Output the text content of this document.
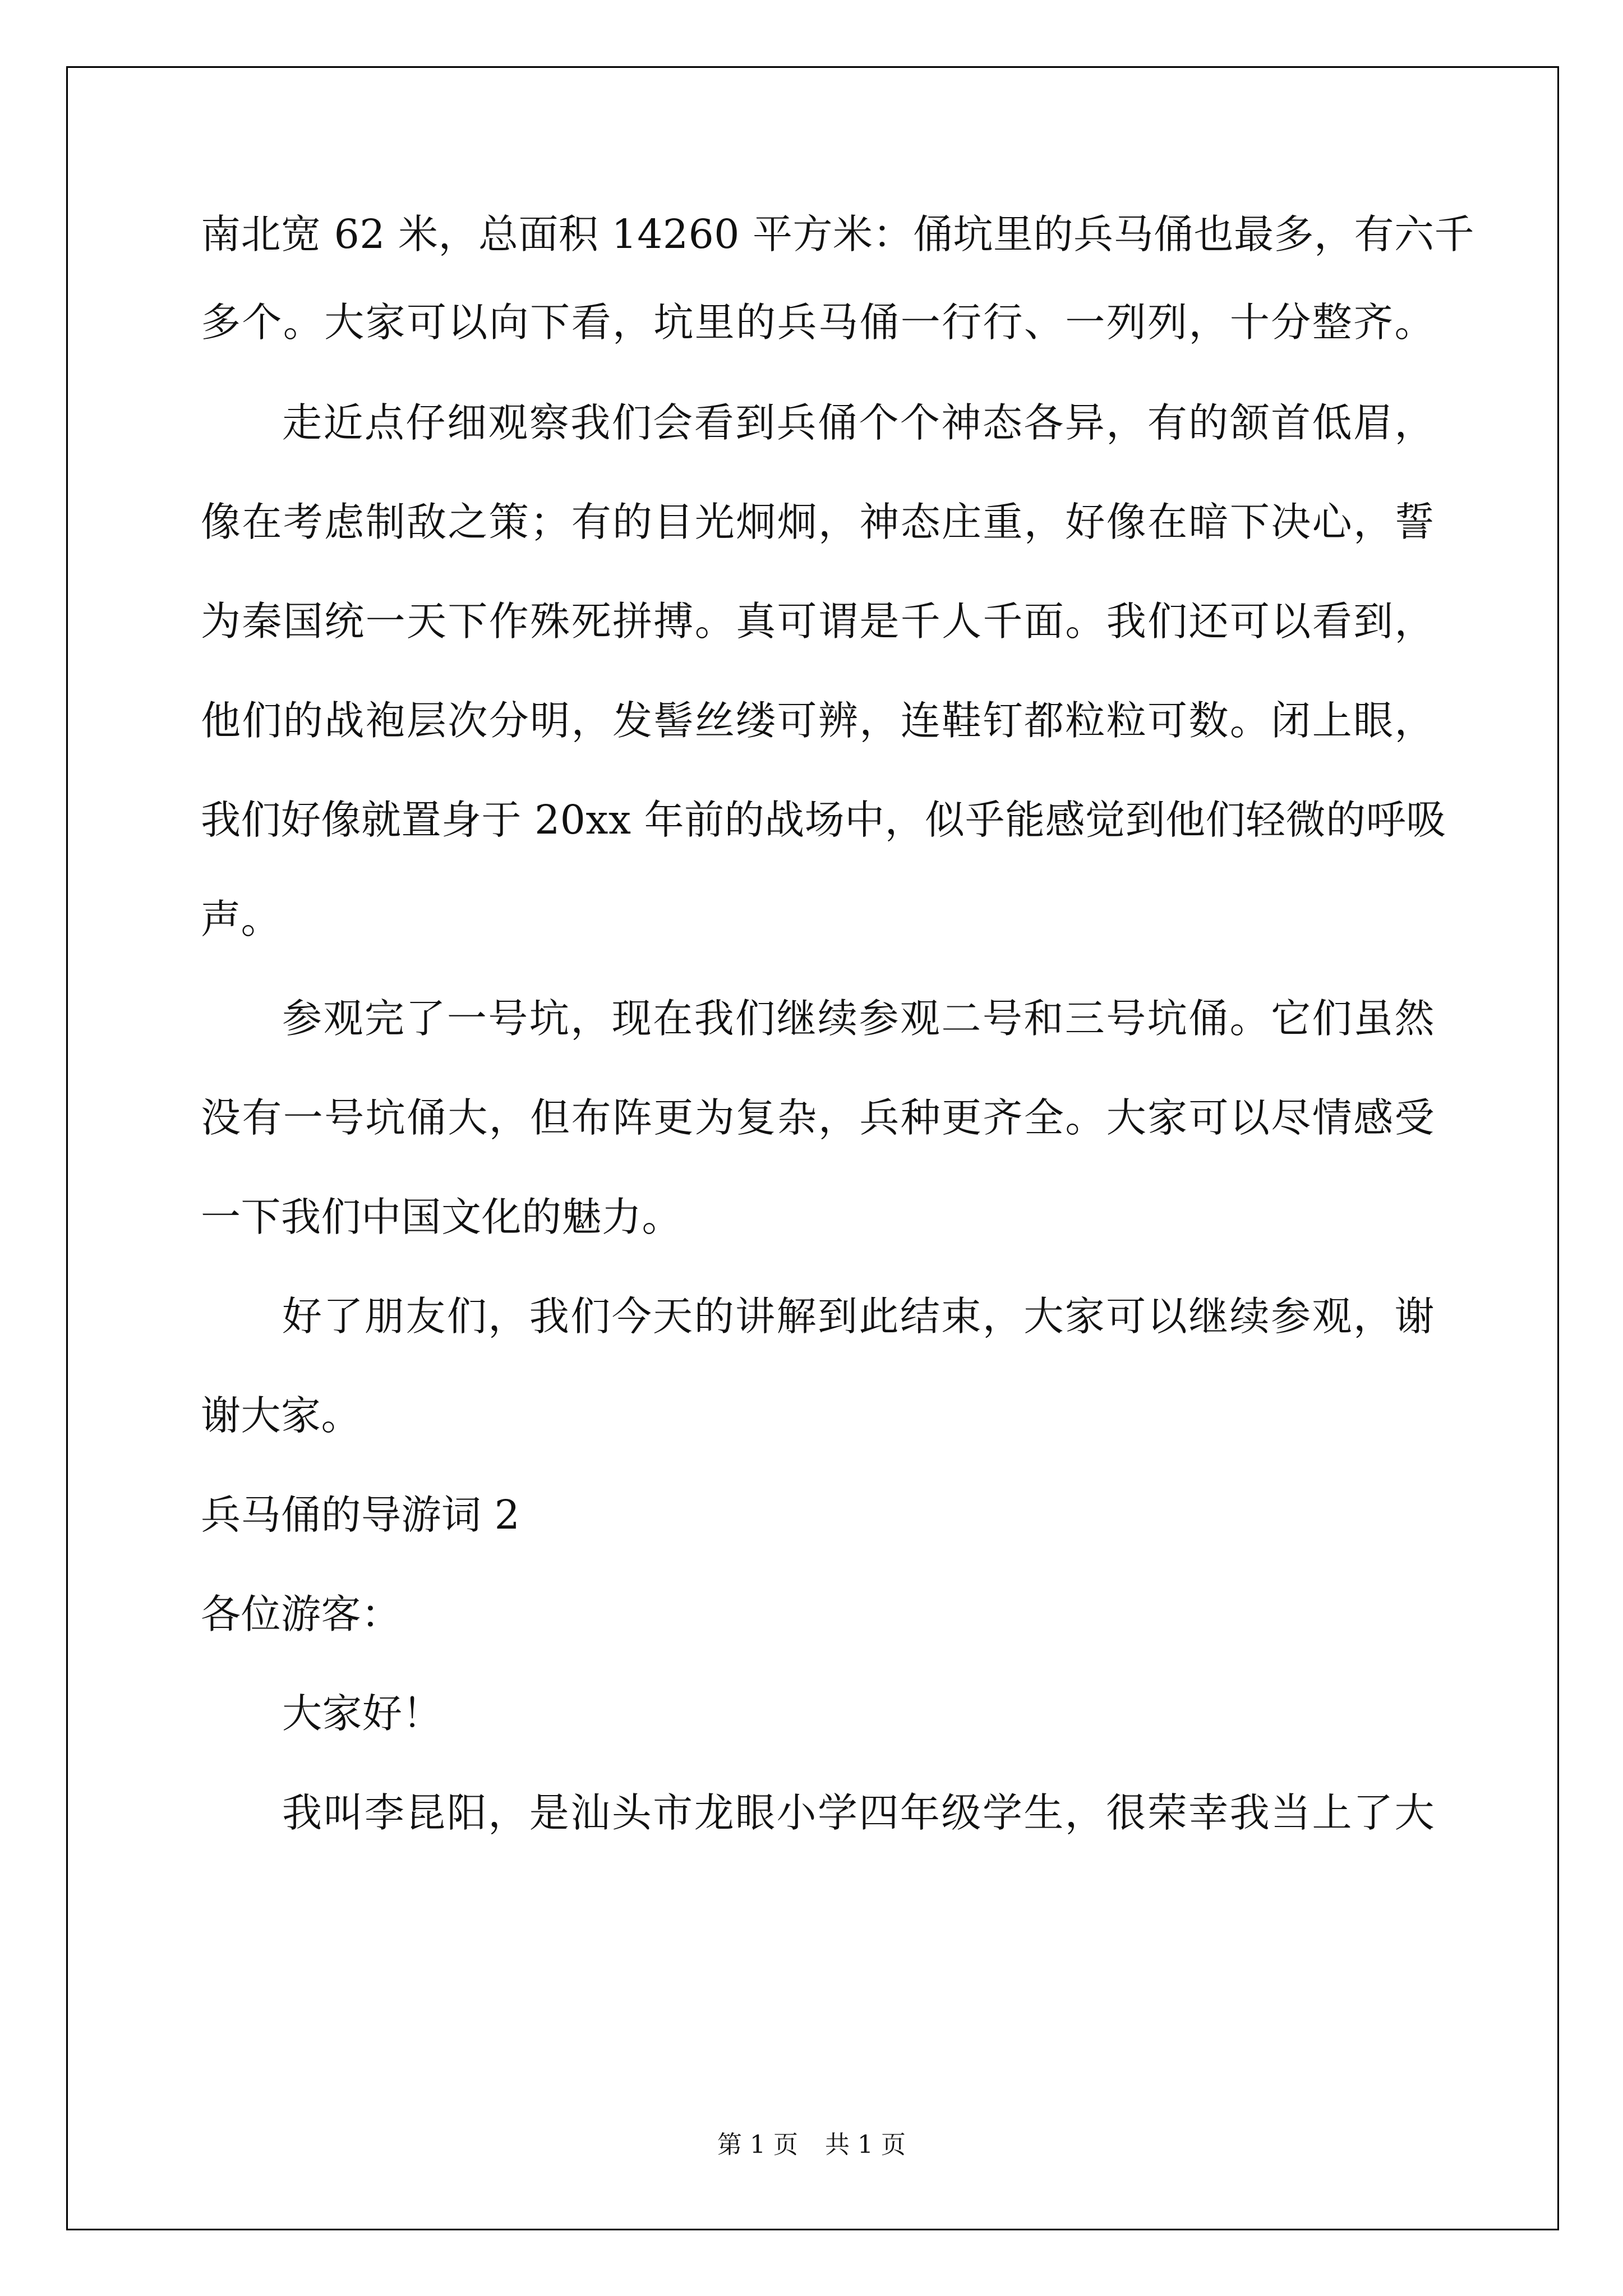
南北宽 62 米，总面积 14260 平方米：俑坑里的兵马俑也最多，有六千
多个。大家可以向下看，坑里的兵马俑一行行、一列列，十分整齐。
走近点仔细观察我们会看到兵俑个个神态各异，有的颔首低眉，
像在考虑制敌之策；有的目光炯炯，神态庄重，好像在暗下决心，誓
为秦国统一天下作殊死拼搏。真可谓是千人千面。我们还可以看到，
他们的战袍层次分明，发髻丝缕可辨，连鞋钉都粒粒可数。闭上眼，
我们好像就置身于 20xx 年前的战场中，似乎能感觉到他们轻微的呼吸
声。
参观完了一号坑，现在我们继续参观二号和三号坑俑。它们虽然
没有一号坑俑大，但布阵更为复杂，兵种更齐全。大家可以尽情感受
一下我们中国文化的魅力。
好了朋友们，我们今天的讲解到此结束，大家可以继续参观，谢
谢大家。
兵马俑的导游词 2
各位游客：
大家好！
我叫李昆阳，是汕头市龙眼小学四年级学生，很荣幸我当上了大
第 1 页 共 1 页
